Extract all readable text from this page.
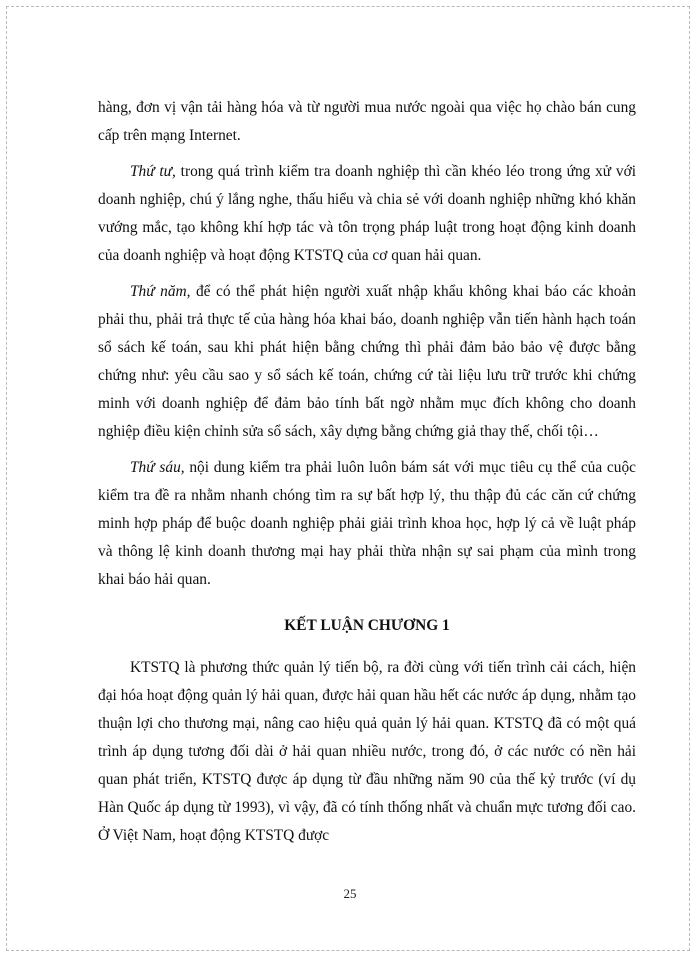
hàng, đơn vị vận tải hàng hóa và từ người mua nước ngoài qua việc họ chào bán cung cấp trên mạng Internet.

Thứ tư, trong quá trình kiểm tra doanh nghiệp thì cần khéo léo trong ứng xử với doanh nghiệp, chú ý lắng nghe, thấu hiểu và chia sẻ với doanh nghiệp những khó khăn vướng mắc, tạo không khí hợp tác và tôn trọng pháp luật trong hoạt động kinh doanh của doanh nghiệp và hoạt động KTSTQ của cơ quan hải quan.

Thứ năm, để có thể phát hiện người xuất nhập khẩu không khai báo các khoản phải thu, phải trả thực tế của hàng hóa khai báo, doanh nghiệp vẫn tiến hành hạch toán sổ sách kế toán, sau khi phát hiện bằng chứng thì phải đảm bảo bảo vệ được bằng chứng như: yêu cầu sao y sổ sách kế toán, chứng cứ tài liệu lưu trữ trước khi chứng minh với doanh nghiệp để đảm bảo tính bất ngờ nhằm mục đích không cho doanh nghiệp điều kiện chỉnh sửa sổ sách, xây dựng bằng chứng giả thay thế, chối tội…

Thứ sáu, nội dung kiểm tra phải luôn luôn bám sát với mục tiêu cụ thể của cuộc kiểm tra đề ra nhằm nhanh chóng tìm ra sự bất hợp lý, thu thập đủ các căn cứ chứng minh hợp pháp để buộc doanh nghiệp phải giải trình khoa học, hợp lý cả về luật pháp và thông lệ kinh doanh thương mại hay phải thừa nhận sự sai phạm của mình trong khai báo hải quan.

KẾT LUẬN CHƯƠNG 1

KTSTQ là phương thức quản lý tiến bộ, ra đời cùng với tiến trình cải cách, hiện đại hóa hoạt động quản lý hải quan, được hải quan hầu hết các nước áp dụng, nhằm tạo thuận lợi cho thương mại, nâng cao hiệu quả quản lý hải quan. KTSTQ đã có một quá trình áp dụng tương đối dài ở hải quan nhiều nước, trong đó, ở các nước có nền hải quan phát triển, KTSTQ được áp dụng từ đầu những năm 90 của thế kỷ trước (ví dụ Hàn Quốc áp dụng từ 1993), vì vậy, đã có tính thống nhất và chuẩn mực tương đối cao. Ở Việt Nam, hoạt động KTSTQ được

25
